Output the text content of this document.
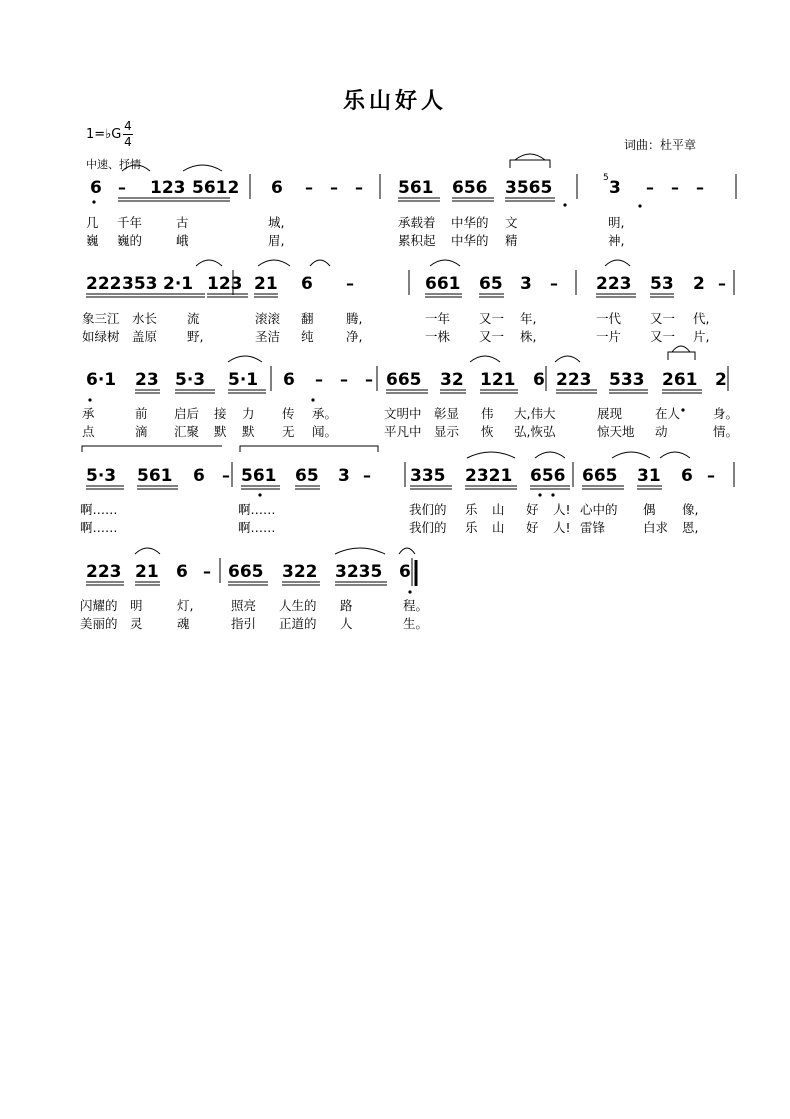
乐山好人
1=♭G
4
4	词曲：杜平章
中速、抒情
6 – 123 5612 6 – – – 561 656 3565	3 – – –
几 千年	古	城,	承载着 中华的 文	明,
巍 巍的	峨	眉,	累积起 中华的 精	神,
5
222 353 2·1 123 21 6 –	661 65 3 – 223 53 2 –
象三江 水长 流	滚滚 翻	腾,	一年 又一 年,	一代 又一 代,
如绿树 盖原 野,	圣洁 纯	净,	一株 又一 株,	一片 又一 片,
6·1 23 5·3 5·1 6 – – – 665 32 121 6 223 533 261 2
承	前 启后 接 力 传 承。	文明中 彰显 伟 大,伟大	展现	在人	身。
点	滴 汇聚 默 默 无 闻。	平凡中 显示 恢 弘,恢弘	惊天地 动	情。
5·3 561 6 – 561 65 3 – 335 2321 656 665 31 6 –
啊……	啊……	我们的 乐 山 好 人! 心中的 偶 像,
啊……	啊……	我们的 乐 山 好 人! 雷锋	白求 恩,
223 21 6 – 665 322 3235 6
闪耀的 明	灯,	照亮 人生的 路	程。
美丽的 灵	魂	指引 正道的 人	生。
